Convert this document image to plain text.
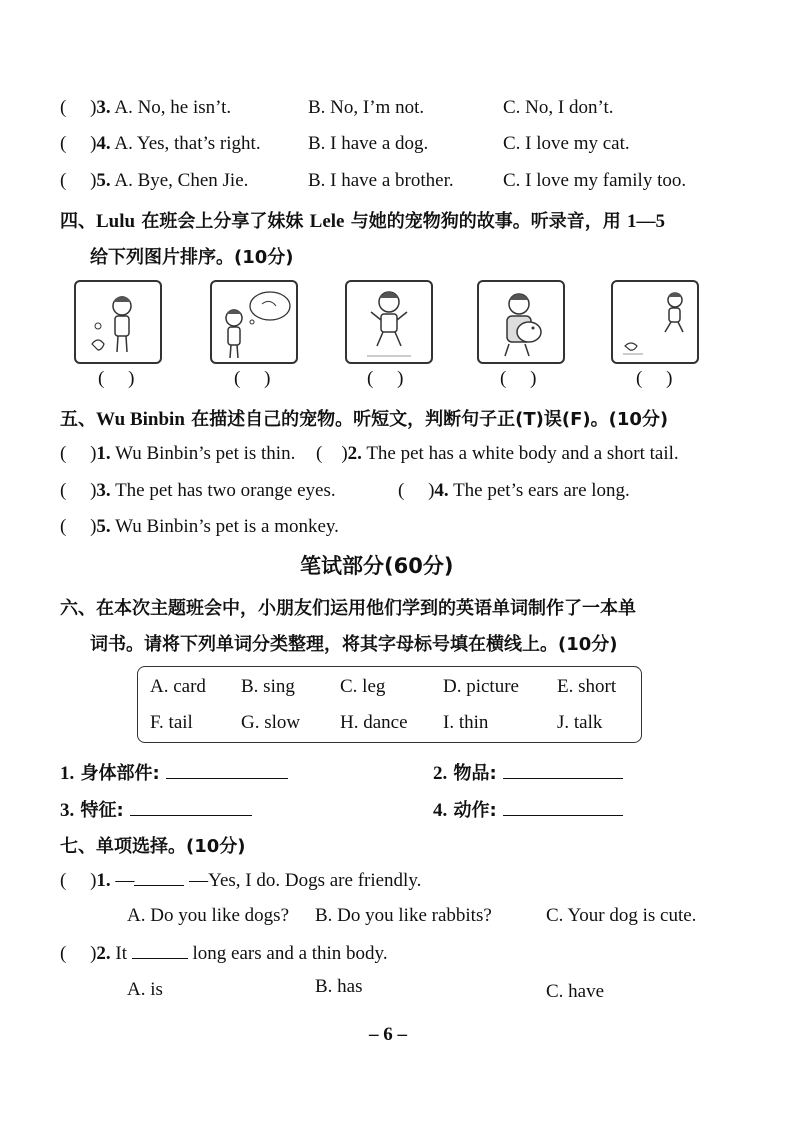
(     )3. A. No, he isn’t.	B. No, I’m not.	C. No, I don’t.
(     )4. A. Yes, that’s right. B. I have a dog.	C. I love my cat.
(     )5. A. Bye, Chen Jie.	B. I have a brother.	C. I love my family too.
四、Lulu 在班会上分享了妹妹 Lele 与她的宠物狗的故事。听录音，用 1—5
给下列图片排序。(10分)
(     )	(     )	(     )	(     )	(     )
五、Wu Binbin 在描述自己的宠物。听短文，判断句子正(T)误(F)。(10分)
(     )1. Wu Binbin’s pet is thin. (    )2. The pet has a white body and a short tail.
(     )3. The pet has two orange eyes.	(     )4. The pet’s ears are long.
(     )5. Wu Binbin’s pet is a monkey.
笔试部分(60分)
六、在本次主题班会中，小朋友们运用他们学到的英语单词制作了一本单
词书。请将下列单词分类整理，将其字母标号填在横线上。(10分)
A. card B. sing C. leg	D. picture E. short
F. tail	G. slow H. dance I. thin	J. talk
1. 身体部件:	2. 物品:
3. 特征:	4. 动作:
七、单项选择。(10分)
(     )1. —	—Yes, I do. Dogs are friendly.
A. Do you like dogs? B. Do you like rabbits?	C. Your dog is cute.
(     )2. It	long ears and a thin body.
A. is	B. has	C. have
– 6 –
